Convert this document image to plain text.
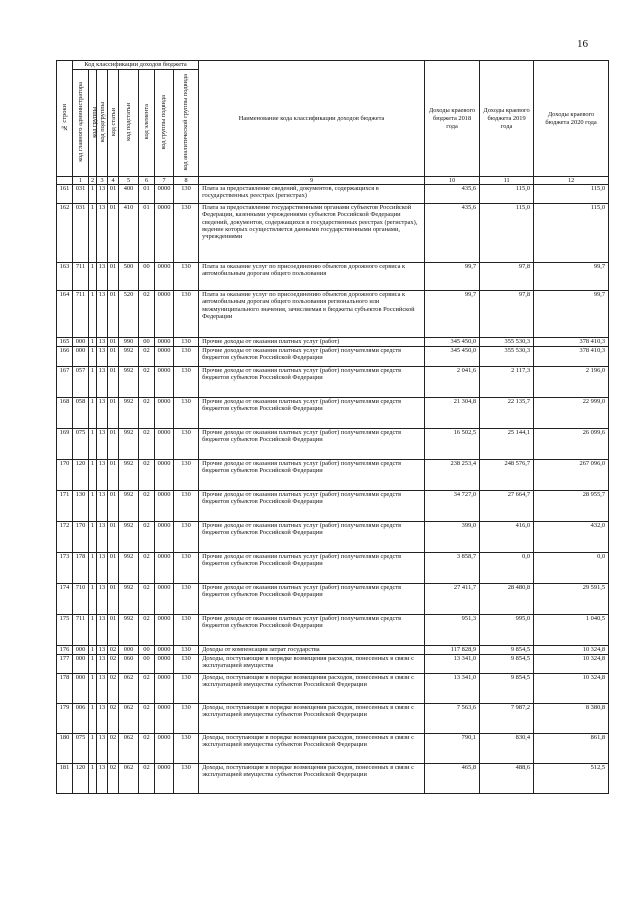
16
№ строки	Код классификации доходов бюджета								Наименование кода классификации доходов бюджета	Доходы краевого бюджета 2018 года	Доходы краевого бюджета 2019 года	Доходы краевого бюджета 2020 года
	код главного администратора	код группы	код подгруппы	код статьи	код подстатьи	код элемента	код группы подвида	код аналитической группы подвида				
	1	2	3	4	5	6	7	8	9	10	11	12
161	031	1	13	01	400	01	0000	130	Плата за предоставление сведений, документов, содержащихся в государственных реестрах (регистрах)	435,6	115,0	115,0
162	031	1	13	01	410	01	0000	130	Плата за предоставление государственными органами субъектов Российской Федерации, казенными учреждениями субъектов Российской Федерации сведений, документов, содержащихся в государственных реестрах (регистрах), ведение которых осуществляется данными государственными органами, учреждениями	435,6	115,0	115,0
163	711	1	13	01	500	00	0000	130	Плата за оказание услуг по присоединению объектов дорожного сервиса к автомобильным дорогам общего пользования	99,7	97,8	99,7
164	711	1	13	01	520	02	0000	130	Плата за оказание услуг по присоединению объектов дорожного сервиса к автомобильным дорогам общего пользования регионального или межмуниципального значения, зачисляемая в бюджеты субъектов Российской Федерации	99,7	97,8	99,7
165	000	1	13	01	990	00	0000	130	Прочие доходы от оказания платных услуг (работ)	345 450,0	355 530,3	378 410,3
166	000	1	13	01	992	02	0000	130	Прочие доходы от оказания платных услуг (работ) получателями средств бюджетов субъектов Российской Федерации	345 450,0	355 530,3	378 410,3
167	057	1	13	01	992	02	0000	130	Прочие доходы от оказания платных услуг (работ) получателями средств бюджетов субъектов Российской Федерации	2 041,6	2 117,3	2 196,0
168	058	1	13	01	992	02	0000	130	Прочие доходы от оказания платных услуг (работ) получателями средств бюджетов субъектов Российской Федерации	21 304,8	22 135,7	22 999,0
169	075	1	13	01	992	02	0000	130	Прочие доходы от оказания платных услуг (работ) получателями средств бюджетов субъектов Российской Федерации	16 502,5	25 144,1	26 099,6
170	120	1	13	01	992	02	0000	130	Прочие доходы от оказания платных услуг (работ) получателями средств бюджетов субъектов Российской Федерации	238 253,4	248 576,7	267 096,0
171	130	1	13	01	992	02	0000	130	Прочие доходы от оказания платных услуг (работ) получателями средств бюджетов субъектов Российской Федерации	34 727,0	27 664,7	28 955,7
172	170	1	13	01	992	02	0000	130	Прочие доходы от оказания платных услуг (работ) получателями средств бюджетов субъектов Российской Федерации	399,0	416,0	432,0
173	178	1	13	01	992	02	0000	130	Прочие доходы от оказания платных услуг (работ) получателями средств бюджетов субъектов Российской Федерации	3 858,7	0,0	0,0
174	710	1	13	01	992	02	0000	130	Прочие доходы от оказания платных услуг (работ) получателями средств бюджетов субъектов Российской Федерации	27 411,7	28 480,8	29 591,5
175	711	1	13	01	992	02	0000	130	Прочие доходы от оказания платных услуг (работ) получателями средств бюджетов субъектов Российской Федерации	951,3	995,0	1 040,5
176	000	1	13	02	000	00	0000	130	Доходы от компенсации затрат государства	117 828,9	9 854,5	10 324,8
177	000	1	13	02	060	00	0000	130	Доходы, поступающие в порядке возмещения расходов, понесенных в связи с эксплуатацией имущества	13 341,0	9 854,5	10 324,8
178	000	1	13	02	062	02	0000	130	Доходы, поступающие в порядке возмещения расходов, понесенных в связи с эксплуатацией имущества субъектов Российской Федерации	13 341,0	9 854,5	10 324,8
179	006	1	13	02	062	02	0000	130	Доходы, поступающие в порядке возмещения расходов, понесенных в связи с эксплуатацией имущества субъектов Российской Федерации	7 563,6	7 987,2	8 380,8
180	075	1	13	02	062	02	0000	130	Доходы, поступающие в порядке возмещения расходов, понесенных в связи с эксплуатацией имущества субъектов Российской Федерации	790,1	830,4	861,8
181	120	1	13	02	062	02	0000	130	Доходы, поступающие в порядке возмещения расходов, понесенных в связи с эксплуатацией имущества субъектов Российской Федерации	465,8	488,6	512,5
